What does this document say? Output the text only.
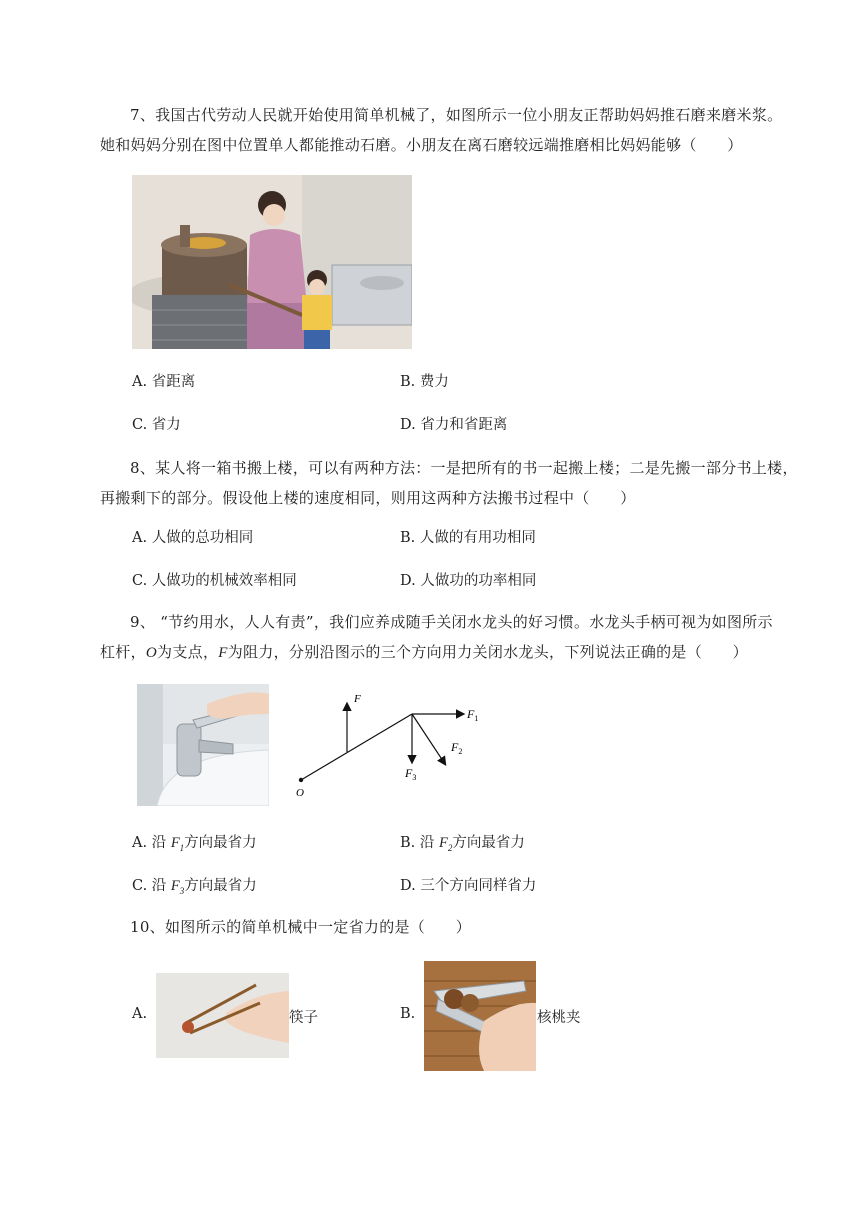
7、我国古代劳动人民就开始使用简单机械了，如图所示一位小朋友正帮助妈妈推石磨来磨米浆。
她和妈妈分别在图中位置单人都能推动石磨。小朋友在离石磨较远端推磨相比妈妈能够（　　）
A. 省距离	B. 费力
C. 省力	D. 省力和省距离
8、某人将一箱书搬上楼，可以有两种方法：一是把所有的书一起搬上楼；二是先搬一部分书上楼，
再搬剩下的部分。假设他上楼的速度相同，则用这两种方法搬书过程中（　　）
A. 人做的总功相同	B. 人做的有用功相同
C. 人做功的机械效率相同	D. 人做功的功率相同
9、 “节约用水，人人有责”，我们应养成随手关闭水龙头的好习惯。水龙头手柄可视为如图所示
杠杆，O为支点，F为阻力，分别沿图示的三个方向用力关闭水龙头，下列说法正确的是（　　）
F
$F_1$
$F_2$
$F_3$
O
A. 沿 $F_1$方向最省力	B. 沿 $F_2$方向最省力
C. 沿 $F_3$方向最省力	D. 三个方向同样省力
10、如图所示的简单机械中一定省力的是（　　）
A.	筷子	B.	核桃夹
